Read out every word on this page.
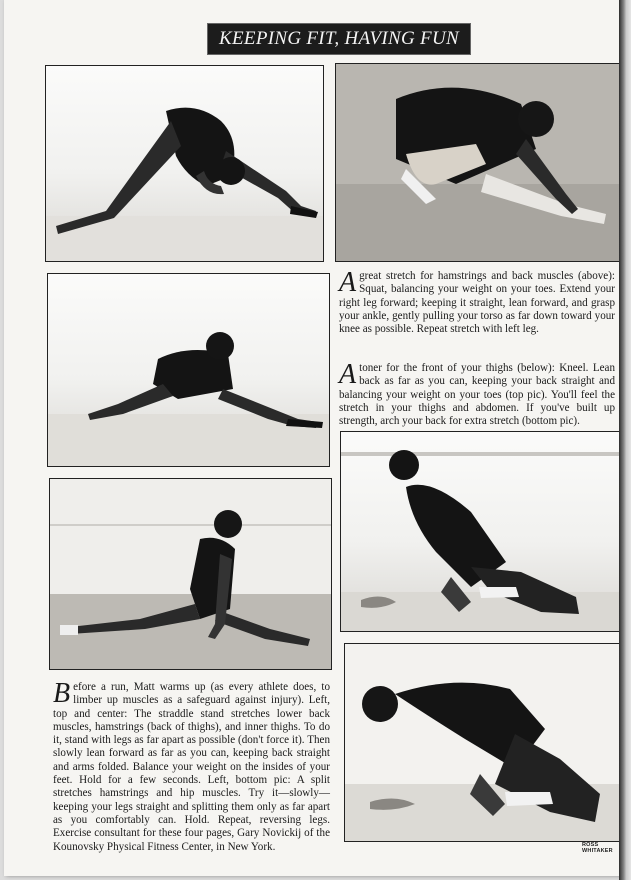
KEEPING FIT, HAVING FUN
A great stretch for hamstrings and back muscles (above): Squat, balancing your weight on your toes. Extend your right leg forward; keeping it straight, lean forward, and grasp your ankle, gently pulling your torso as far down toward your knee as possible. Repeat stretch with left leg.
A toner for the front of your thighs (below): Kneel. Lean back as far as you can, keeping your back straight and balancing your weight on your toes (top pic). You'll feel the stretch in your thighs and abdomen. If you've built up strength, arch your back for extra stretch (bottom pic).
Before a run, Matt warms up (as every athlete does, to limber up muscles as a safeguard against injury). Left, top and center: The straddle stand stretches lower back muscles, hamstrings (back of thighs), and inner thighs. To do it, stand with legs as far apart as possible (don't force it). Then slowly lean forward as far as you can, keeping back straight and arms folded. Balance your weight on the insides of your feet. Hold for a few seconds. Left, bottom pic: A split stretches hamstrings and hip muscles. Try it—slowly—keeping your legs straight and splitting them only as far apart as you comfortably can. Hold. Repeat, reversing legs. Exercise consultant for these four pages, Gary Novickij of the Kounovsky Physical Fitness Center, in New York.	ROSS WHITAKER
